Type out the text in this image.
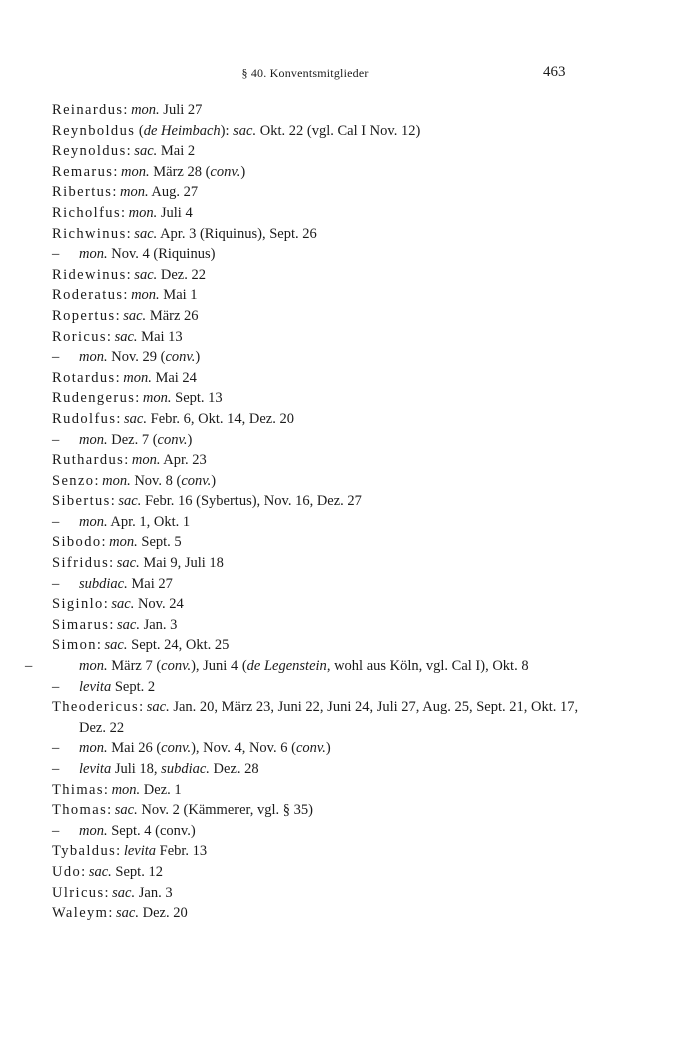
§ 40. Konventsmitglieder	463
Reinardus: mon. Juli 27
Reynboldus (de Heimbach): sac. Okt. 22 (vgl. Cal I Nov. 12)
Reynoldus: sac. Mai 2
Remarus: mon. März 28 (conv.)
Ribertus: mon. Aug. 27
Richolfus: mon. Juli 4
Richwinus: sac. Apr. 3 (Riquinus), Sept. 26
– mon. Nov. 4 (Riquinus)
Ridewinus: sac. Dez. 22
Roderatus: mon. Mai 1
Ropertus: sac. März 26
Roricus: sac. Mai 13
– mon. Nov. 29 (conv.)
Rotardus: mon. Mai 24
Rudengerus: mon. Sept. 13
Rudolfus: sac. Febr. 6, Okt. 14, Dez. 20
– mon. Dez. 7 (conv.)
Ruthardus: mon. Apr. 23
Senzo: mon. Nov. 8 (conv.)
Sibertus: sac. Febr. 16 (Sybertus), Nov. 16, Dez. 27
– mon. Apr. 1, Okt. 1
Sibodo: mon. Sept. 5
Sifridus: sac. Mai 9, Juli 18
– subdiac. Mai 27
Siginlo: sac. Nov. 24
Simarus: sac. Jan. 3
Simon: sac. Sept. 24, Okt. 25
–	mon. März 7 (conv.), Juni 4 (de Legenstein, wohl aus Köln, vgl. Cal I), Okt. 8
– levita Sept. 2
Theodericus: sac. Jan. 20, März 23, Juni 22, Juni 24, Juli 27, Aug. 25, Sept. 21, Okt. 17, Dez. 22
– mon. Mai 26 (conv.), Nov. 4, Nov. 6 (conv.)
– levita Juli 18, subdiac. Dez. 28
Thimas: mon. Dez. 1
Thomas: sac. Nov. 2 (Kämmerer, vgl. § 35)
– mon. Sept. 4 (conv.)
Tybaldus: levita Febr. 13
Udo: sac. Sept. 12
Ulricus: sac. Jan. 3
Waleym: sac. Dez. 20
